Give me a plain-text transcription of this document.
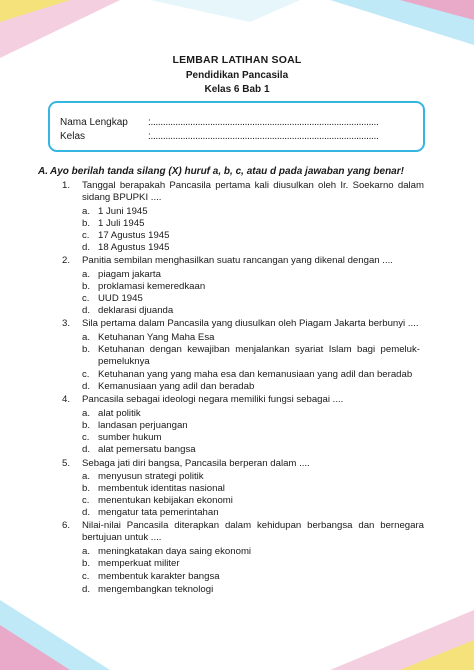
LEMBAR LATIHAN SOAL
Pendidikan Pancasila
Kelas 6 Bab 1
Nama Lengkap :............................................................................................
Kelas	:............................................................................................
A. Ayo berilah tanda silang (X) huruf a, b, c, atau d pada jawaban yang benar!
1. Tanggal berapakah Pancasila pertama kali diusulkan oleh Ir. Soekarno dalam sidang BPUPKI ....
a. 1 Juni 1945
b. 1 Juli 1945
c. 17 Agustus 1945
d. 18 Agustus 1945
2. Panitia sembilan menghasilkan suatu rancangan yang dikenal dengan ....
a. piagam jakarta
b. proklamasi kemeredkaan
c. UUD 1945
d. deklarasi djuanda
3. Sila pertama dalam Pancasila yang diusulkan oleh Piagam Jakarta berbunyi ....
a. Ketuhanan Yang Maha Esa
b. Ketuhanan dengan kewajiban menjalankan syariat Islam bagi pemeluk-pemeluknya
c. Ketuhanan yang yang maha esa dan kemanusiaan yang adil dan beradab
d. Kemanusiaan yang adil dan beradab
4. Pancasila sebagai ideologi negara memiliki fungsi sebagai ....
a. alat politik
b. landasan perjuangan
c. sumber hukum
d. alat pemersatu bangsa
5. Sebaga jati diri bangsa, Pancasila berperan dalam ....
a. menyusun strategi politik
b. membentuk identitas nasional
c. menentukan kebijakan ekonomi
d. mengatur tata pemerintahan
6. Nilai-nilai Pancasila diterapkan dalam kehidupan berbangsa dan bernegara bertujuan untuk ....
a. meningkatakan daya saing ekonomi
b. memperkuat militer
c. membentuk karakter bangsa
d. mengembangkan teknologi
